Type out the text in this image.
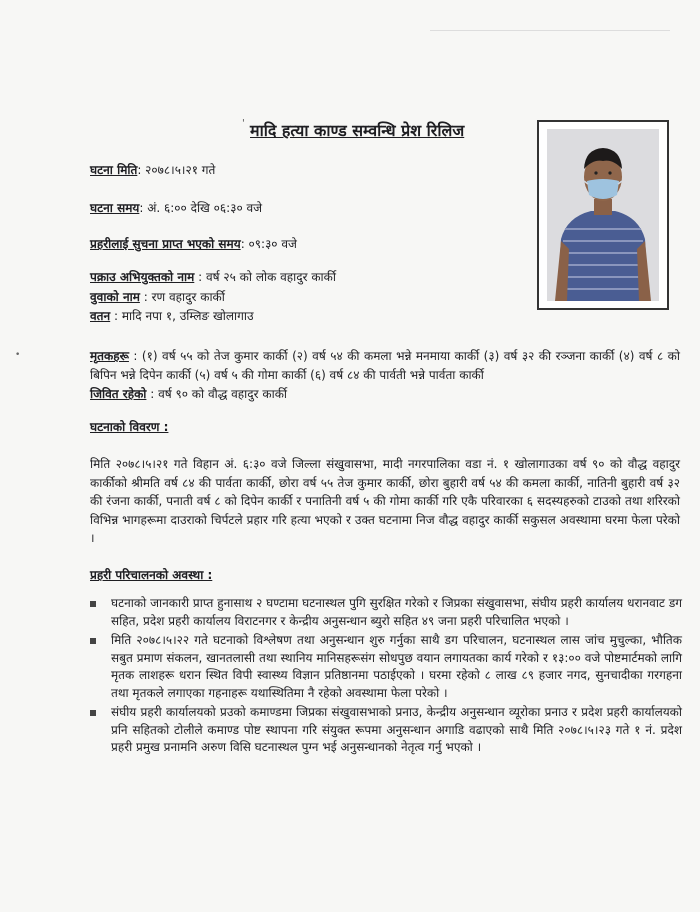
' मादि हत्या काण्ड सम्वन्धि प्रेश रिलिज
घटना मिति: २०७८।५।२१ गते
घटना समय: अं. ६:०० देखि ०६:३० वजे
प्रहरीलाई सुचना प्राप्त भएको समय: ०९:३० वजे
पक्राउ अभियुक्तको नाम : वर्ष २५ को लोक वहादुर कार्की
वुवाको नाम : रण वहादुर कार्की
वतन : मादि नपा १, उम्लिङ खोलागाउ
•	मृतकहरू : (१) वर्ष ५५ को तेज कुमार कार्की (२) वर्ष ५४ की कमला भन्ने मनमाया कार्की (३) वर्ष ३२ की रञ्जना कार्की (४) वर्ष ८ को बिपिन भन्ने दिपेन कार्की (५) वर्ष ५ की गोमा कार्की (६) वर्ष ८४ की पार्वती भन्ने पार्वता कार्की
जिवित रहेको : वर्ष ९० को वौद्ध वहादुर कार्की
घटनाको विवरण :
मिति २०७८।५।२१ गते विहान अं. ६:३० वजे जिल्ला संखुवासभा, मादी नगरपालिका वडा नं. १ खोलागाउका वर्ष ९० को वौद्ध वहादुर कार्कीको श्रीमति वर्ष ८४ की पार्वता कार्की, छोरा वर्ष ५५ तेज कुमार कार्की, छोरा बुहारी वर्ष ५४ की कमला कार्की, नातिनी बुहारी वर्ष ३२ की रंजना कार्की, पनाती वर्ष ८ को दिपेन कार्की र पनातिनी वर्ष ५ की गोमा कार्की गरि एकै परिवारका ६ सदस्यहरुको टाउको तथा शरिरको विभिन्न भागहरूमा दाउराको चिर्पटले प्रहार गरि हत्या भएको र उक्त घटनामा निज वौद्ध वहादुर कार्की सकुसल अवस्थामा घरमा फेला परेको ।
प्रहरी परिचालनको अवस्था :
घटनाको जानकारी प्राप्त हुनासाथ २ घण्टामा घटनास्थल पुगि सुरक्षित गरेको र जिप्रका संखुवासभा, संघीय प्रहरी कार्यालय धरानवाट डग सहित, प्रदेश प्रहरी कार्यालय विराटनगर र केन्द्रीय अनुसन्धान ब्युरो सहित ४९ जना प्रहरी परिचालित भएको ।
मिति २०७८।५।२२ गते घटनाको विश्लेषण तथा अनुसन्धान शुरु गर्नुका साथै डग परिचालन, घटनास्थल लास जांच मुचुल्का, भौतिक सबुत प्रमाण संकलन, खानतलासी तथा स्थानिय मानिसहरूसंग सोधपुछ वयान लगायतका कार्य गरेको र १३:०० वजे पोष्टमार्टमको लागि मृतक लाशहरू धरान स्थित विपी स्वास्थ्य विज्ञान प्रतिष्ठानमा पठाईएको । घरमा रहेको ८ लाख ८९ हजार नगद, सुनचादीका गरगहना तथा मृतकले लगाएका गहनाहरू यथास्थितिमा नै रहेको अवस्थामा फेला परेको ।
संघीय प्रहरी कार्यालयको प्रउको कमाण्डमा जिप्रका संखुवासभाको प्रनाउ, केन्द्रीय अनुसन्धान व्यूरोका प्रनाउ र प्रदेश प्रहरी कार्यालयको प्रनि सहितको टोलीले कमाण्ड पोष्ट स्थापना गरि संयुक्त रूपमा अनुसन्धान अगाडि वढाएको साथै मिति २०७८।५।२३ गते १ नं. प्रदेश प्रहरी प्रमुख प्रनामनि अरुण विसि घटनास्थल पुग्न भई अनुसन्धानको नेतृत्व गर्नु भएको ।
